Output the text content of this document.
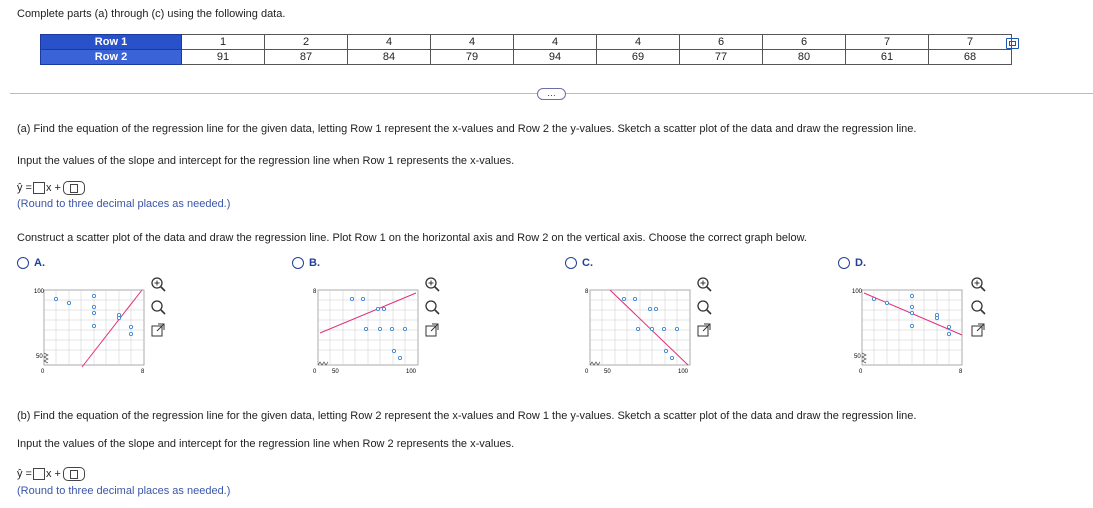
Complete parts (a) through (c) using the following data.
Row 1	1	2	4	4	4	4	6	6	7	7
Row 2	91	87	84	79	94	69	77	80	61	68
…
(a) Find the equation of the regression line for the given data, letting Row 1 represent the x-values and Row 2 the y-values. Sketch a scatter plot of the data and draw the regression line.
Input the values of the slope and intercept for the regression line when Row 1 represents the x-values.
ŷ = x +
(Round to three decimal places as needed.)
Construct a scatter plot of the data and draw the regression line. Plot Row 1 on the horizontal axis and Row 2 on the vertical axis. Choose the correct graph below.
A.	B.	C.	D.
100
50
0	8
8
0	50	100
8
0	50	100
100
50
0	8
(b) Find the equation of the regression line for the given data, letting Row 2 represent the x-values and Row 1 the y-values. Sketch a scatter plot of the data and draw the regression line.
Input the values of the slope and intercept for the regression line when Row 2 represents the x-values.
ŷ = x +
(Round to three decimal places as needed.)
